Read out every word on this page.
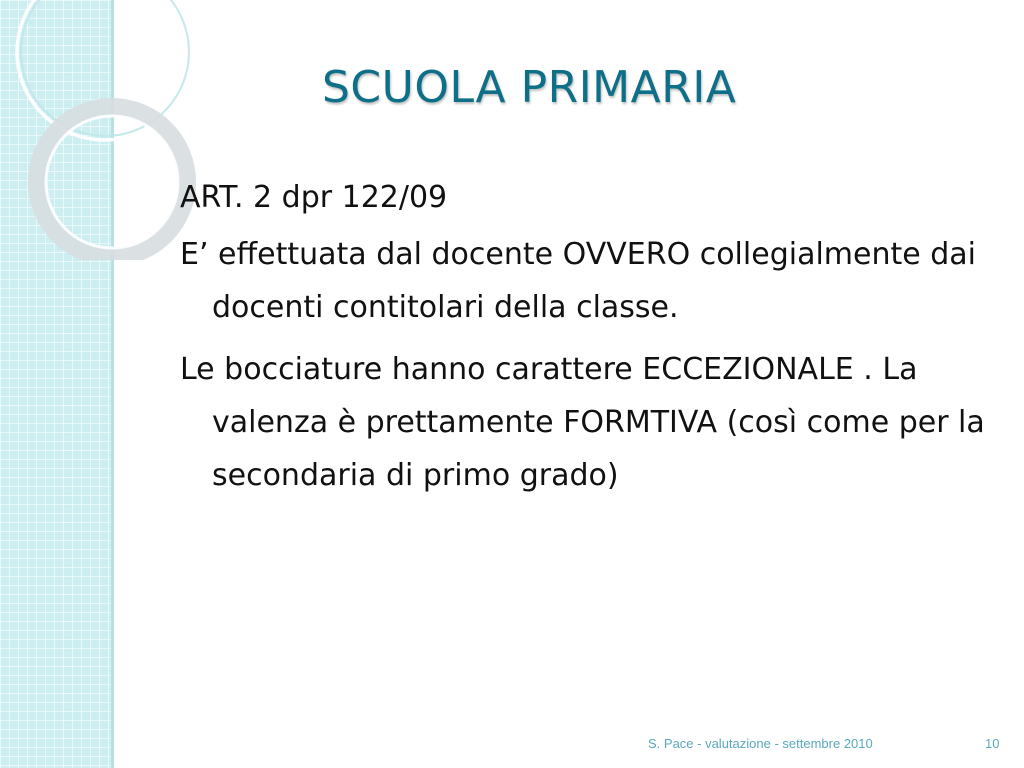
SCUOLA PRIMARIA

ART. 2 dpr 122/09

E’ effettuata dal docente OVVERO collegialmente dai docenti contitolari della classe.

Le bocciature hanno carattere ECCEZIONALE . La valenza è prettamente FORMTIVA (così come per la secondaria di primo grado)

S. Pace - valutazione - settembre 2010	10
